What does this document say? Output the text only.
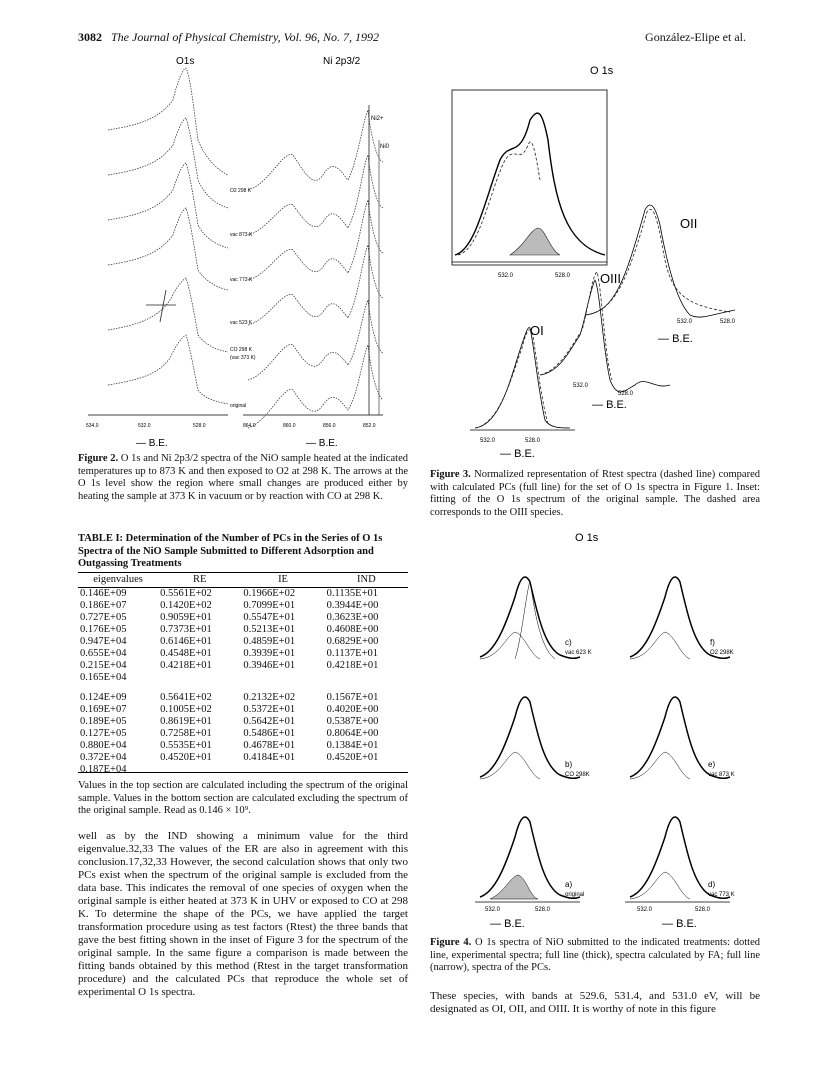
3082 The Journal of Physical Chemistry, Vol. 96, No. 7, 1992	González-Elipe et al.
O1s	Ni 2p3/2
Ni2+
Ni0
O2 298 K
vac 873 K
vac 773 K
vac 523 K
CO 298 K
(vac 373 K)
original
534.0	532.0	528.0	864.0	860.0	856.0	852.0
— B.E.	— B.E.
Figure 2. O 1s and Ni 2p3/2 spectra of the NiO sample heated at the indicated temperatures up to 873 K and then exposed to O2 at 298 K. The arrows at the O 1s level show the region where small changes are produced either by heating the sample at 373 K in vacuum or by reaction with CO at 298 K.
O 1s
532.0	528.0
OII
532.0	528.0
— B.E.
OIII
532.0
528.0
— B.E.
OI
532.0	528.0
— B.E.
Figure 3. Normalized representation of Rtest spectra (dashed line) compared with calculated PCs (full line) for the set of O 1s spectra in Figure 1. Inset: fitting of the O 1s spectrum of the original sample. The dashed area corresponds to the OIII species.
TABLE I: Determination of the Number of PCs in the Series of O 1s Spectra of the NiO Sample Submitted to Different Adsorption and Outgassing Treatments
eigenvalues	RE	IE	IND
0.146E+09	0.5561E+02	0.1966E+02	0.1135E+01
0.186E+07	0.1420E+02	0.7099E+01	0.3944E+00
0.727E+05	0.9059E+01	0.5547E+01	0.3623E+00
0.176E+05	0.7373E+01	0.5213E+01	0.4608E+00
0.947E+04	0.6146E+01	0.4859E+01	0.6829E+00
0.655E+04	0.4548E+01	0.3939E+01	0.1137E+01
0.215E+04	0.4218E+01	0.3946E+01	0.4218E+01
0.165E+04			

0.124E+09	0.5641E+02	0.2132E+02	0.1567E+01
0.169E+07	0.1005E+02	0.5372E+01	0.4020E+00
0.189E+05	0.8619E+01	0.5642E+01	0.5387E+00
0.127E+05	0.7258E+01	0.5486E+01	0.8064E+00
0.880E+04	0.5535E+01	0.4678E+01	0.1384E+01
0.372E+04	0.4520E+01	0.4184E+01	0.4520E+01
0.187E+04			
Values in the top section are calculated including the spectrum of the original sample. Values in the bottom section are calculated excluding the spectrum of the original sample. Read as 0.146 × 10⁹.
well as by the IND showing a minimum value for the third eigenvalue.32,33 The values of the ER are also in agreement with this conclusion.17,32,33 However, the second calculation shows that only two PCs exist when the spectrum of the original sample is excluded from the data base. This indicates the removal of one species of oxygen when the original sample is either heated at 373 K in UHV or exposed to CO at 298 K. To determine the shape of the PCs, we have applied the target transformation procedure using as test factors (Rtest) the three bands that gave the best fitting shown in the inset of Figure 3 for the spectrum of the original sample. In the same figure a comparison is made between the fitting bands obtained by this method (Rtest in the target transformation procedure) and the calculated PCs that reproduce the whole set of experimental O 1s spectra.
O 1s
c)
vac 623 K
f)
O2 298K
b)
CO 298K
e)
vac 873 K
a)
original
d)
vac 773 K
532.0	528.0	532.0	528.0
— B.E.	— B.E.
Figure 4. O 1s spectra of NiO submitted to the indicated treatments: dotted line, experimental spectra; full line (thick), spectra calculated by FA; full line (narrow), spectra of the PCs.
These species, with bands at 529.6, 531.4, and 531.0 eV, will be designated as OI, OII, and OIII. It is worthy of note in this figure
